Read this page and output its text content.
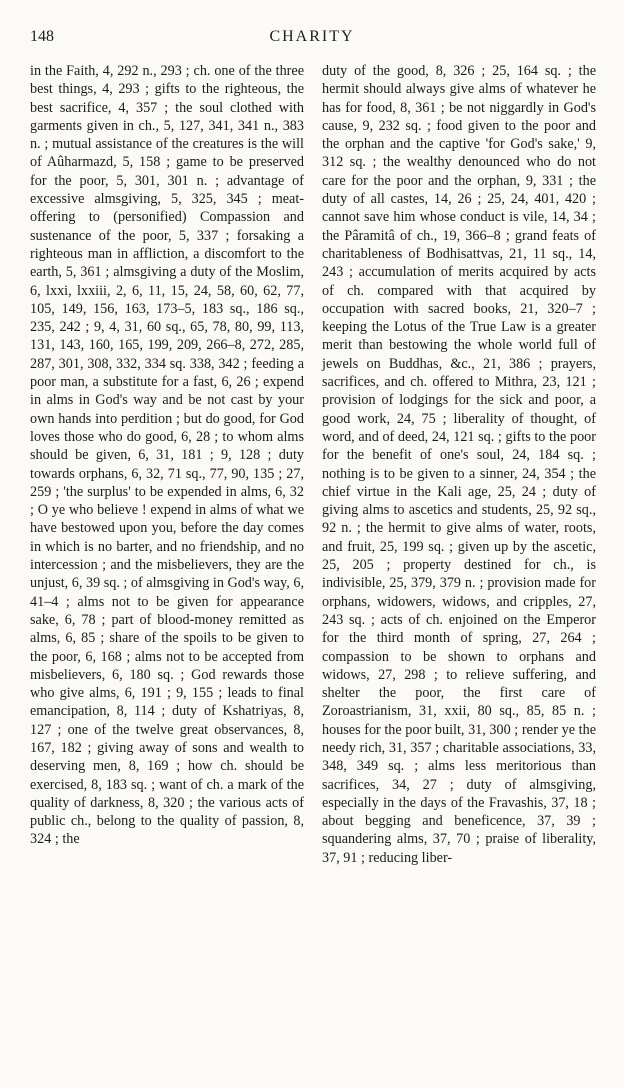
148	CHARITY

in the Faith, 4, 292 n., 293 ; ch. one of the three best things, 4, 293 ; gifts to the righteous, the best sacrifice, 4, 357 ; the soul clothed with garments given in ch., 5, 127, 341, 341 n., 383 n. ; mutual assistance of the creatures is the will of Aûharmazd, 5, 158 ; game to be preserved for the poor, 5, 301, 301 n. ; advantage of excessive almsgiving, 5, 325, 345 ; meat-offering to (personified) Compassion and sustenance of the poor, 5, 337 ; forsaking a righteous man in affliction, a discomfort to the earth, 5, 361 ; almsgiving a duty of the Moslim, 6, lxxi, lxxiii, 2, 6, 11, 15, 24, 58, 60, 62, 77, 105, 149, 156, 163, 173–5, 183 sq., 186 sq., 235, 242 ; 9, 4, 31, 60 sq., 65, 78, 80, 99, 113, 131, 143, 160, 165, 199, 209, 266–8, 272, 285, 287, 301, 308, 332, 334 sq. 338, 342 ; feeding a poor man, a substitute for a fast, 6, 26 ; expend in alms in God's way and be not cast by your own hands into perdition ; but do good, for God loves those who do good, 6, 28 ; to whom alms should be given, 6, 31, 181 ; 9, 128 ; duty towards orphans, 6, 32, 71 sq., 77, 90, 135 ; 27, 259 ; 'the surplus' to be expended in alms, 6, 32 ; O ye who believe ! expend in alms of what we have bestowed upon you, before the day comes in which is no barter, and no friendship, and no intercession ; and the misbelievers, they are the unjust, 6, 39 sq. ; of almsgiving in God's way, 6, 41–4 ; alms not to be given for appearance sake, 6, 78 ; part of blood-money remitted as alms, 6, 85 ; share of the spoils to be given to the poor, 6, 168 ; alms not to be accepted from misbelievers, 6, 180 sq. ; God rewards those who give alms, 6, 191 ; 9, 155 ; leads to final emancipation, 8, 114 ; duty of Kshatriyas, 8, 127 ; one of the twelve great observances, 8, 167, 182 ; giving away of sons and wealth to deserving men, 8, 169 ; how ch. should be exercised, 8, 183 sq. ; want of ch. a mark of the quality of darkness, 8, 320 ; the various acts of public ch., belong to the quality of passion, 8, 324 ; the

duty of the good, 8, 326 ; 25, 164 sq. ; the hermit should always give alms of whatever he has for food, 8, 361 ; be not niggardly in God's cause, 9, 232 sq. ; food given to the poor and the orphan and the captive 'for God's sake,' 9, 312 sq. ; the wealthy denounced who do not care for the poor and the orphan, 9, 331 ; the duty of all castes, 14, 26 ; 25, 24, 401, 420 ; cannot save him whose conduct is vile, 14, 34 ; the Pâramitâ of ch., 19, 366–8 ; grand feats of charitableness of Bodhisattvas, 21, 11 sq., 14, 243 ; accumulation of merits acquired by acts of ch. compared with that acquired by occupation with sacred books, 21, 320–7 ; keeping the Lotus of the True Law is a greater merit than bestowing the whole world full of jewels on Buddhas, &c., 21, 386 ; prayers, sacrifices, and ch. offered to Mithra, 23, 121 ; provision of lodgings for the sick and poor, a good work, 24, 75 ; liberality of thought, of word, and of deed, 24, 121 sq. ; gifts to the poor for the benefit of one's soul, 24, 184 sq. ; nothing is to be given to a sinner, 24, 354 ; the chief virtue in the Kali age, 25, 24 ; duty of giving alms to ascetics and students, 25, 92 sq., 92 n. ; the hermit to give alms of water, roots, and fruit, 25, 199 sq. ; given up by the ascetic, 25, 205 ; property destined for ch., is indivisible, 25, 379, 379 n. ; provision made for orphans, widowers, widows, and cripples, 27, 243 sq. ; acts of ch. enjoined on the Emperor for the third month of spring, 27, 264 ; compassion to be shown to orphans and widows, 27, 298 ; to relieve suffering, and shelter the poor, the first care of Zoroastrianism, 31, xxii, 80 sq., 85, 85 n. ; houses for the poor built, 31, 300 ; render ye the needy rich, 31, 357 ; charitable associations, 33, 348, 349 sq. ; alms less meritorious than sacrifices, 34, 27 ; duty of almsgiving, especially in the days of the Fravashis, 37, 18 ; about begging and beneficence, 37, 39 ; squandering alms, 37, 70 ; praise of liberality, 37, 91 ; reducing liber-
